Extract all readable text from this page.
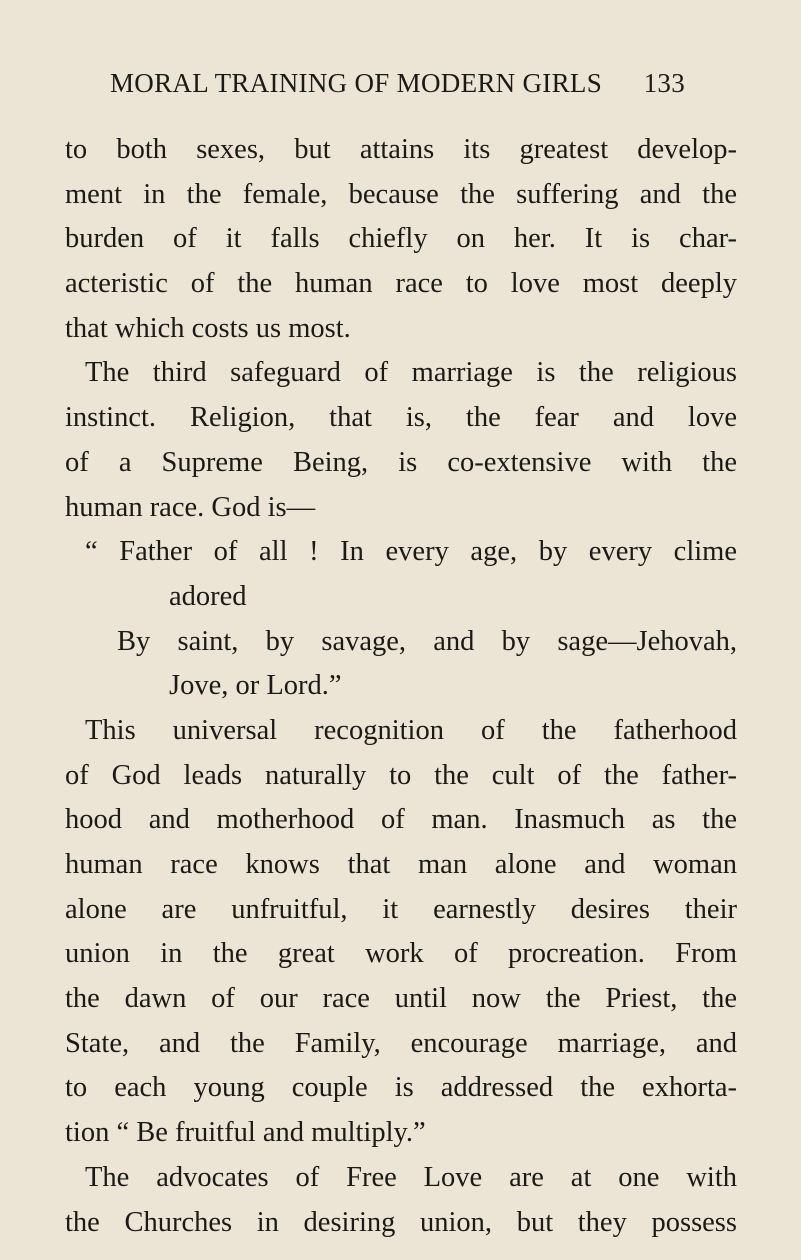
MORAL TRAINING OF MODERN GIRLS 133
to both sexes, but attains its greatest develop-
ment in the female, because the suffering and the
burden of it falls chiefly on her. It is char-
acteristic of the human race to love most deeply
that which costs us most.
The third safeguard of marriage is the religious
instinct. Religion, that is, the fear and love
of a Supreme Being, is co-extensive with the
human race. God is—
“ Father of all ! In every age, by every clime
adored
By saint, by savage, and by sage—Jehovah,
Jove, or Lord.”
This universal recognition of the fatherhood
of God leads naturally to the cult of the father-
hood and motherhood of man. Inasmuch as the
human race knows that man alone and woman
alone are unfruitful, it earnestly desires their
union in the great work of procreation. From
the dawn of our race until now the Priest, the
State, and the Family, encourage marriage, and
to each young couple is addressed the exhorta-
tion “ Be fruitful and multiply.”
The advocates of Free Love are at one with
the Churches in desiring union, but they possess
